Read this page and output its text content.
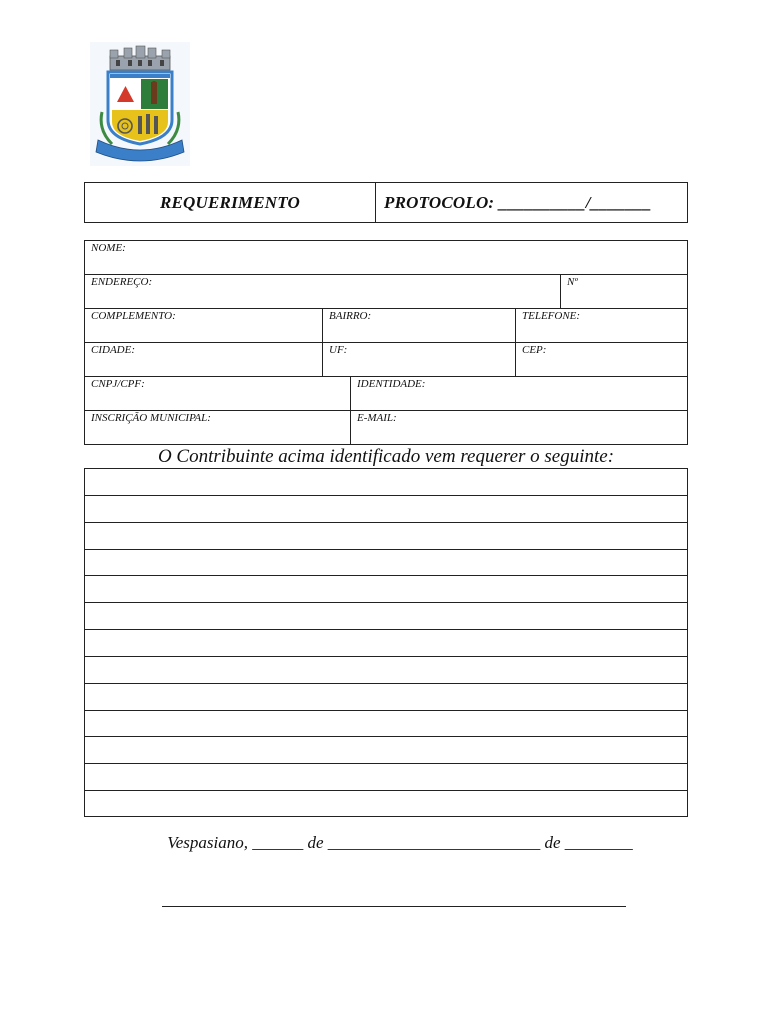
REQUERIMENTO	PROTOCOLO: __________/_______
NOME:
ENDEREÇO:	Nº
COMPLEMENTO:	BAIRRO:	TELEFONE:
CIDADE:	UF:	CEP:
CNPJ/CPF:	IDENTIDADE:
INSCRIÇÃO MUNICIPAL:	E-MAIL:
O Contribuinte acima identificado vem requerer o seguinte:
Vespasiano, ______ de _________________________ de ________
